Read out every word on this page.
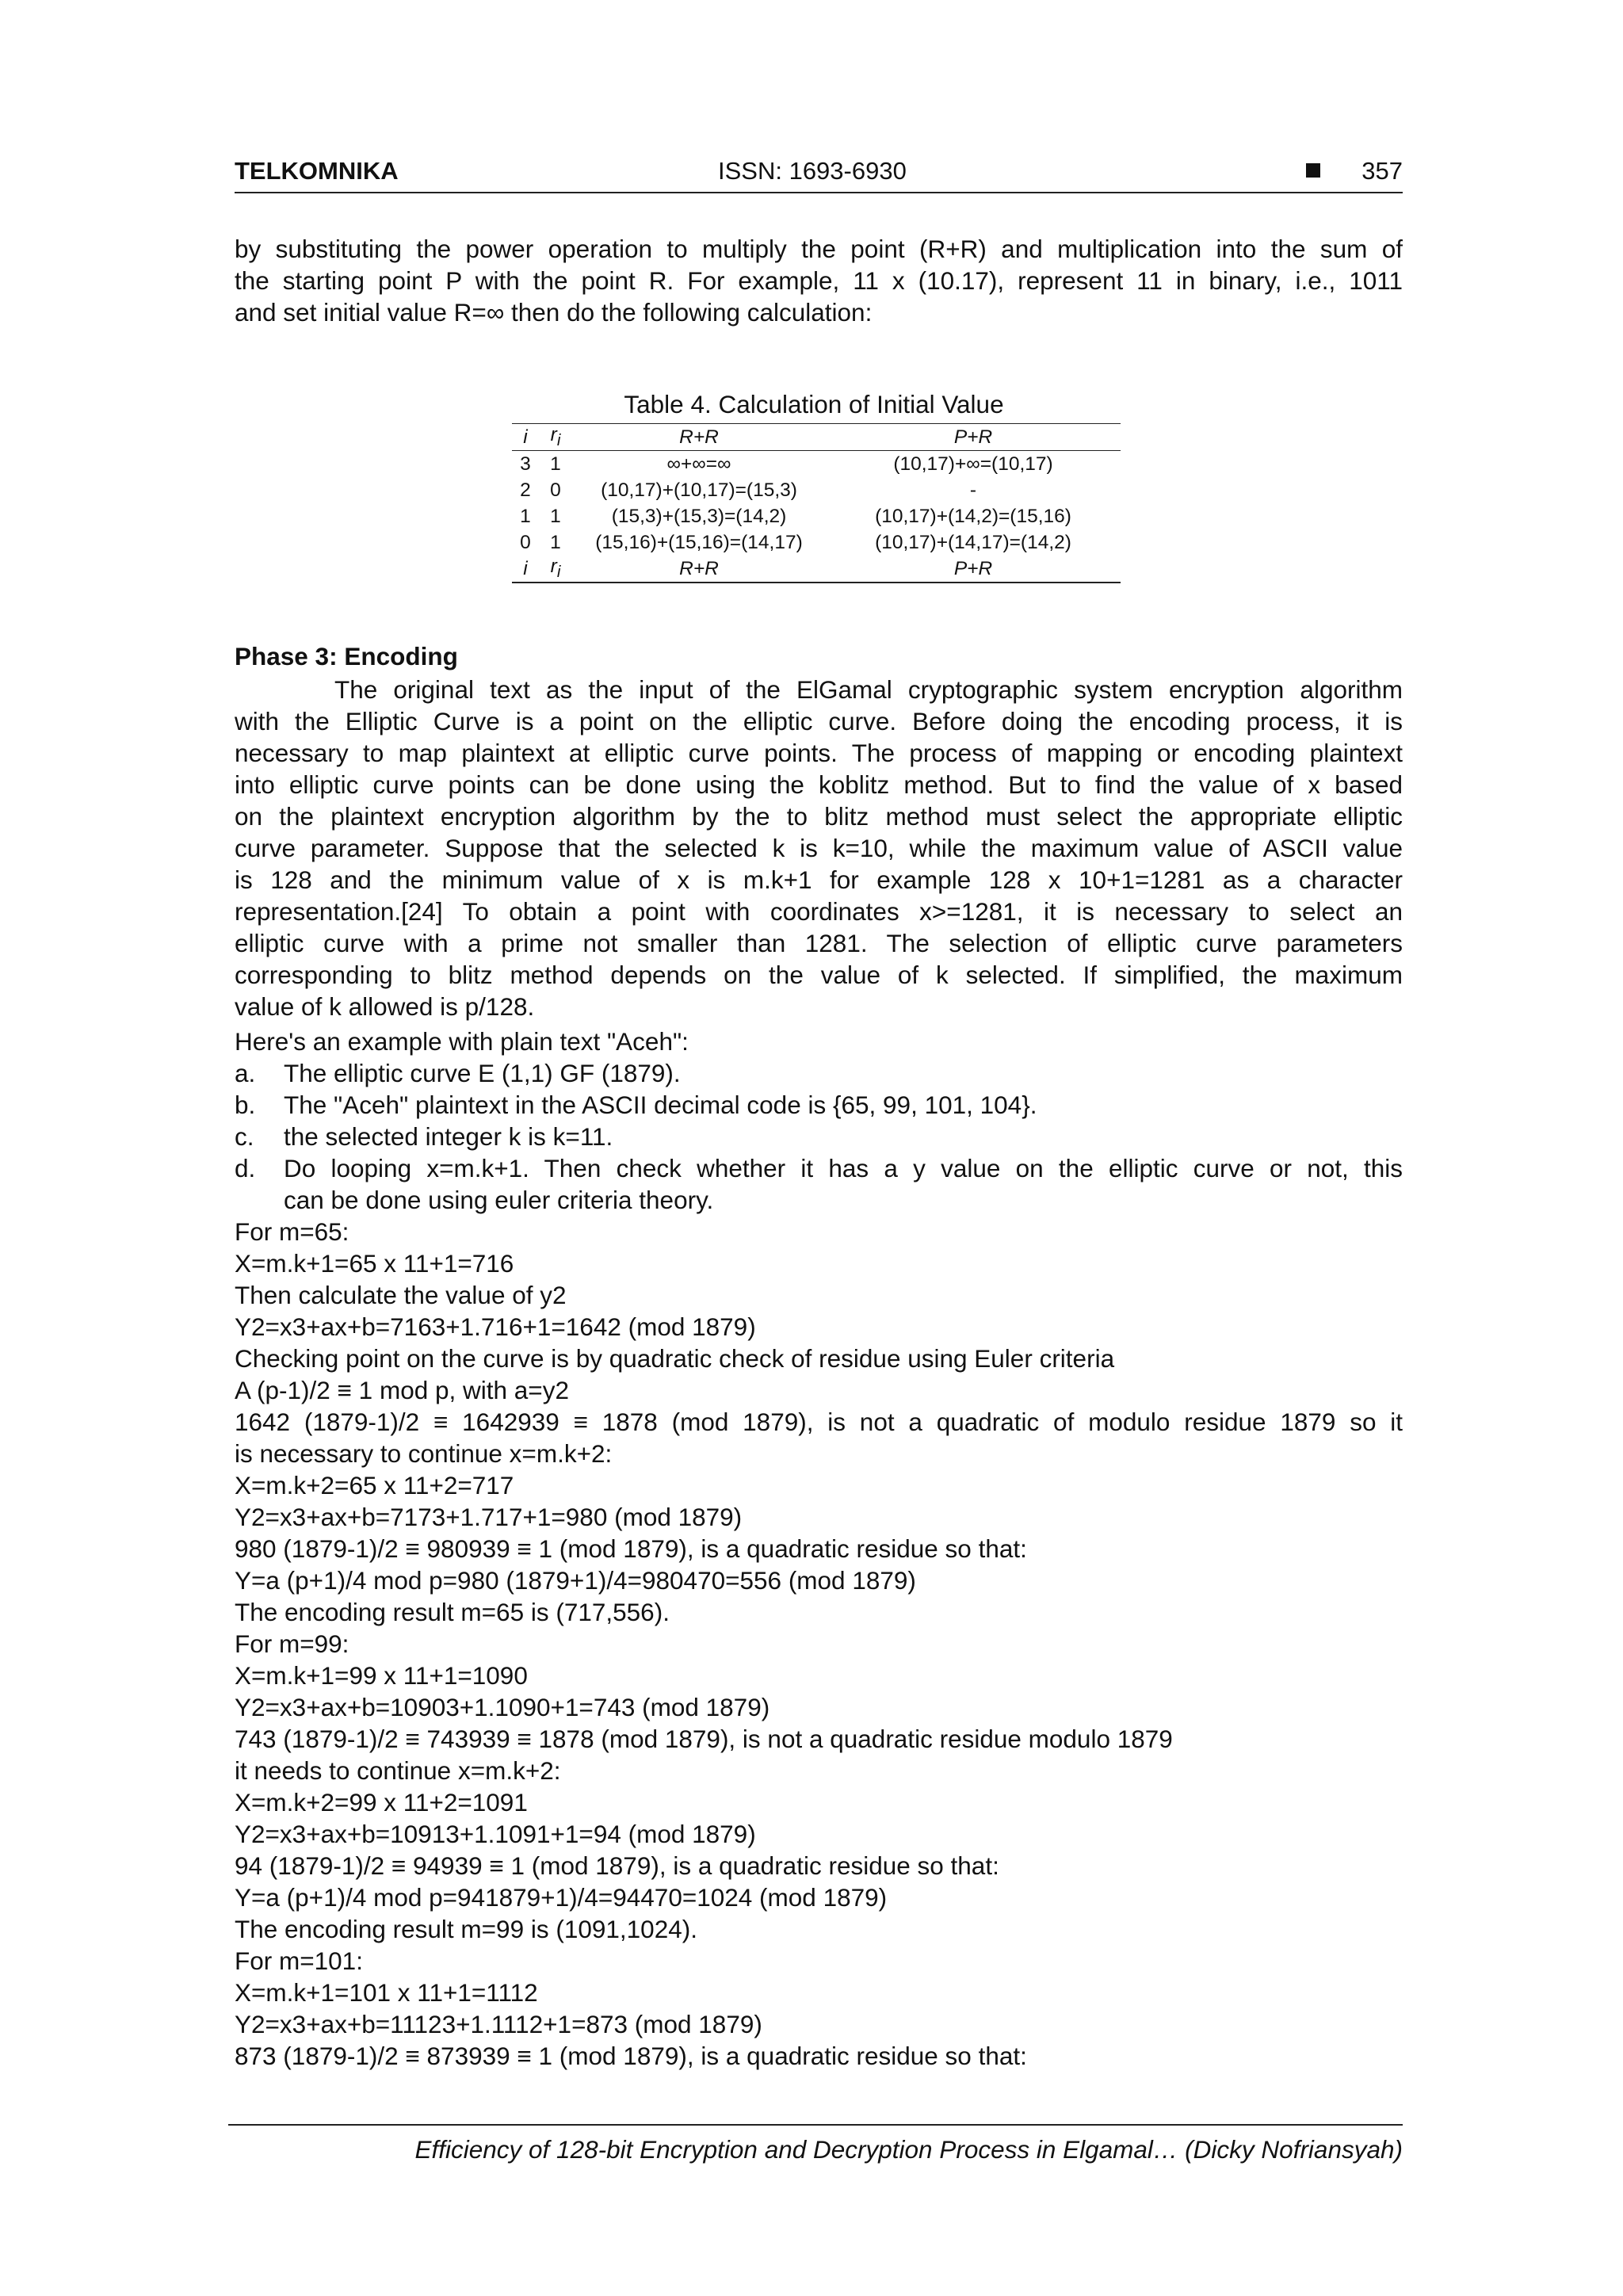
TELKOMNIKA	ISSN: 1693-6930	357
by substituting the power operation to multiply the point (R+R) and multiplication into the sum of
the starting point P with the point R. For example, 11 x (10.17), represent 11 in binary, i.e., 1011
and set initial value R=∞ then do the following calculation:
Table 4. Calculation of Initial Value
i	$r_i$	R+R	P+R
3	1	∞+∞=∞	(10,17)+∞=(10,17)
2	0	(10,17)+(10,17)=(15,3)	-
1	1	(15,3)+(15,3)=(14,2)	(10,17)+(14,2)=(15,16)
0	1	(15,16)+(15,16)=(14,17)	(10,17)+(14,17)=(14,2)
i	$r_i$	R+R	P+R
Phase 3: Encoding
The original text as the input of the ElGamal cryptographic system encryption algorithm
with the Elliptic Curve is a point on the elliptic curve. Before doing the encoding process, it is
necessary to map plaintext at elliptic curve points. The process of mapping or encoding plaintext
into elliptic curve points can be done using the koblitz method. But to find the value of x based
on the plaintext encryption algorithm by the to blitz method must select the appropriate elliptic
curve parameter. Suppose that the selected k is k=10, while the maximum value of ASCII value
is 128 and the minimum value of x is m.k+1 for example 128 x 10+1=1281 as a character
representation.[24] To obtain a point with coordinates x>=1281, it is necessary to select an
elliptic curve with a prime not smaller than 1281. The selection of elliptic curve parameters
corresponding to blitz method depends on the value of k selected. If simplified, the maximum
value of k allowed is p/128.
Here's an example with plain text "Aceh":
a. The elliptic curve E (1,1) GF (1879).
b. The "Aceh" plaintext in the ASCII decimal code is {65, 99, 101, 104}.
c. the selected integer k is k=11.
d. Do looping x=m.k+1. Then check whether it has a y value on the elliptic curve or not, this
can be done using euler criteria theory.
For m=65:
X=m.k+1=65 x 11+1=716
Then calculate the value of y2
Y2=x3+ax+b=7163+1.716+1=1642 (mod 1879)
Checking point on the curve is by quadratic check of residue using Euler criteria
A (p-1)/2 ≡ 1 mod p, with a=y2
1642 (1879-1)/2 ≡ 1642939 ≡ 1878 (mod 1879), is not a quadratic of modulo residue 1879 so it
is necessary to continue x=m.k+2:
X=m.k+2=65 x 11+2=717
Y2=x3+ax+b=7173+1.717+1=980 (mod 1879)
980 (1879-1)/2 ≡ 980939 ≡ 1 (mod 1879), is a quadratic residue so that:
Y=a (p+1)/4 mod p=980 (1879+1)/4=980470=556 (mod 1879)
The encoding result m=65 is (717,556).
For m=99:
X=m.k+1=99 x 11+1=1090
Y2=x3+ax+b=10903+1.1090+1=743 (mod 1879)
743 (1879-1)/2 ≡ 743939 ≡ 1878 (mod 1879), is not a quadratic residue modulo 1879
it needs to continue x=m.k+2:
X=m.k+2=99 x 11+2=1091
Y2=x3+ax+b=10913+1.1091+1=94 (mod 1879)
94 (1879-1)/2 ≡ 94939 ≡ 1 (mod 1879), is a quadratic residue so that:
Y=a (p+1)/4 mod p=941879+1)/4=94470=1024 (mod 1879)
The encoding result m=99 is (1091,1024).
For m=101:
X=m.k+1=101 x 11+1=1112
Y2=x3+ax+b=11123+1.1112+1=873 (mod 1879)
873 (1879-1)/2 ≡ 873939 ≡ 1 (mod 1879), is a quadratic residue so that:
Efficiency of 128-bit Encryption and Decryption Process in Elgamal… (Dicky Nofriansyah)
